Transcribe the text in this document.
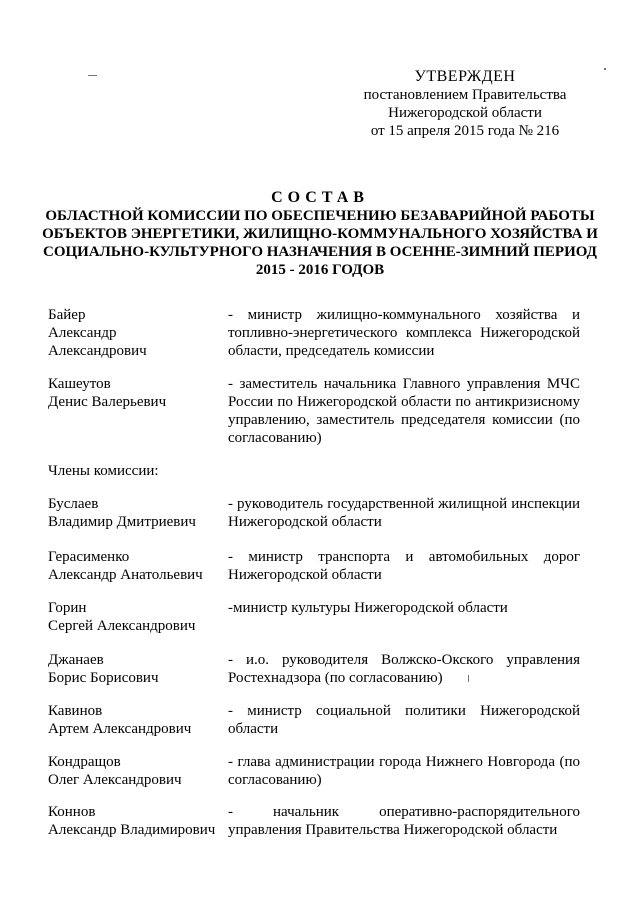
УТВЕРЖДЕН
постановлением Правительства
Нижегородской области
от 15 апреля 2015 года № 216
СОСТАВ
ОБЛАСТНОЙ КОМИССИИ ПО ОБЕСПЕЧЕНИЮ БЕЗАВАРИЙНОЙ РАБОТЫ ОБЪЕКТОВ ЭНЕРГЕТИКИ, ЖИЛИЩНО-КОММУНАЛЬНОГО ХОЗЯЙСТВА И СОЦИАЛЬНО-КУЛЬТУРНОГО НАЗНАЧЕНИЯ В ОСЕННЕ-ЗИМНИЙ ПЕРИОД 2015 - 2016 ГОДОВ
Байер
Александр
Александрович
- министр жилищно-коммунального хозяйства и топливно-энергетического комплекса Нижегородской области, председатель комиссии
Кашеутов
Денис Валерьевич
- заместитель начальника Главного управления МЧС России по Нижегородской области по антикризисному управлению, заместитель председателя комиссии (по согласованию)
Члены комиссии:
Буслаев
Владимир Дмитриевич
- руководитель государственной жилищной инспекции Нижегородской области
Герасименко
Александр Анатольевич
- министр транспорта и автомобильных дорог Нижегородской области
Горин
Сергей Александрович
-министр культуры Нижегородской области
Джанаев
Борис Борисович
- и.о. руководителя Волжско-Окского управления Ростехнадзора (по согласованию)
Кавинов
Артем Александрович
- министр социальной политики Нижегородской области
Кондращов
Олег Александрович
- глава администрации города Нижнего Новгорода (по согласованию)
Коннов
Александр Владимирович
- начальник оперативно-распорядительного управления Правительства Нижегородской области
